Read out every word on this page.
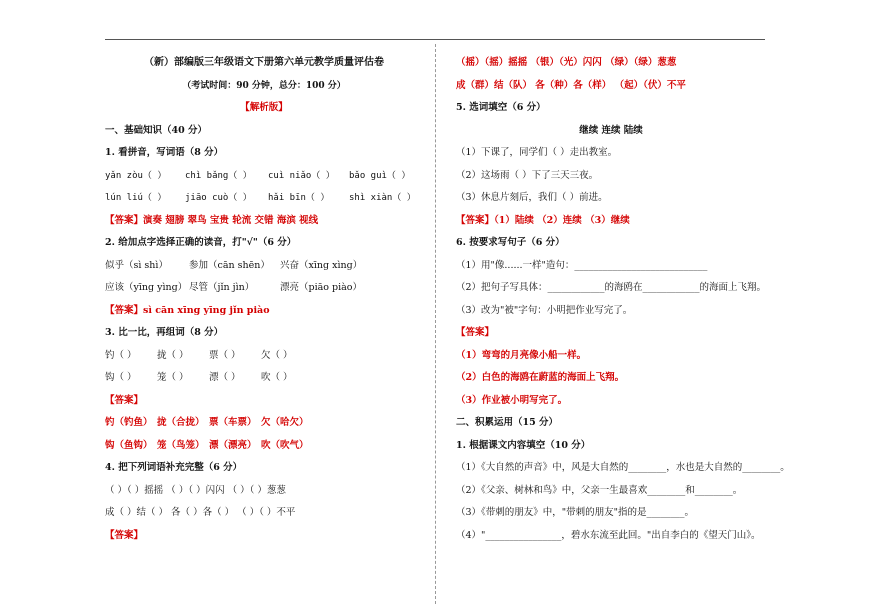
（新）部编版三年级语文下册第六单元教学质量评估卷
（考试时间：90 分钟，总分：100 分）
【解析版】
一、基础知识（40 分）
1. 看拼音，写词语（8 分）
yǎn zòu（ ） chì bǎng（ ） cuì niǎo（ ） bǎo guì（ ）
lún liú（ ） jiāo cuò（ ） hǎi bīn（ ） shì xiàn（ ）
【答案】演奏 翅膀 翠鸟 宝贵 轮流 交错 海滨 视线
2. 给加点字选择正确的读音，打"√"（6 分）
似乎（sì shì） 参加（cān shēn） 兴奋（xīng xìng）
应该（yīng yìng） 尽管（jǐn jìn）	漂亮（piāo piào）
【答案】sì cān xīng yīng jǐn piào
3. 比一比，再组词（8 分）
钓（ ） 拢（ ） 票（ ） 欠（ ）
钩（ ） 笼（ ） 漂（ ） 吹（ ）
【答案】
钓（钓鱼） 拢（合拢） 票（车票） 欠（哈欠）
钩（鱼钩） 笼（鸟笼） 漂（漂亮） 吹（吹气）
4. 把下列词语补充完整（6 分）
（ ）（ ）摇摇 （ ）（ ）闪闪 （ ）（ ）葱葱
成（ ）结（ ） 各（ ）各（ ） （ ）（ ）不平
【答案】
（摇）（摇）摇摇 （银）（光）闪闪 （绿）（绿）葱葱
成（群）结（队） 各（种）各（样） （起）（伏）不平
5. 选词填空（6 分）
继续 连续 陆续
（1）下课了，同学们（ ）走出教室。
（2）这场雨（ ）下了三天三夜。
（3）休息片刻后，我们（ ）前进。
【答案】（1）陆续 （2）连续 （3）继续
6. 按要求写句子（6 分）
（1）用"像......一样"造句：____________________________
（2）把句子写具体：____________的海鸥在____________的海面上飞翔。
（3）改为"被"字句：小明把作业写完了。
【答案】
（1）弯弯的月亮像小船一样。
（2）白色的海鸥在蔚蓝的海面上飞翔。
（3）作业被小明写完了。
二、积累运用（15 分）
1. 根据课文内容填空（10 分）
（1）《大自然的声音》中，风是大自然的________，水也是大自然的________。
（2）《父亲、树林和鸟》中，父亲一生最喜欢________和________。
（3）《带刺的朋友》中，"带刺的朋友"指的是________。
（4）"________________，碧水东流至此回。"出自李白的《望天门山》。
